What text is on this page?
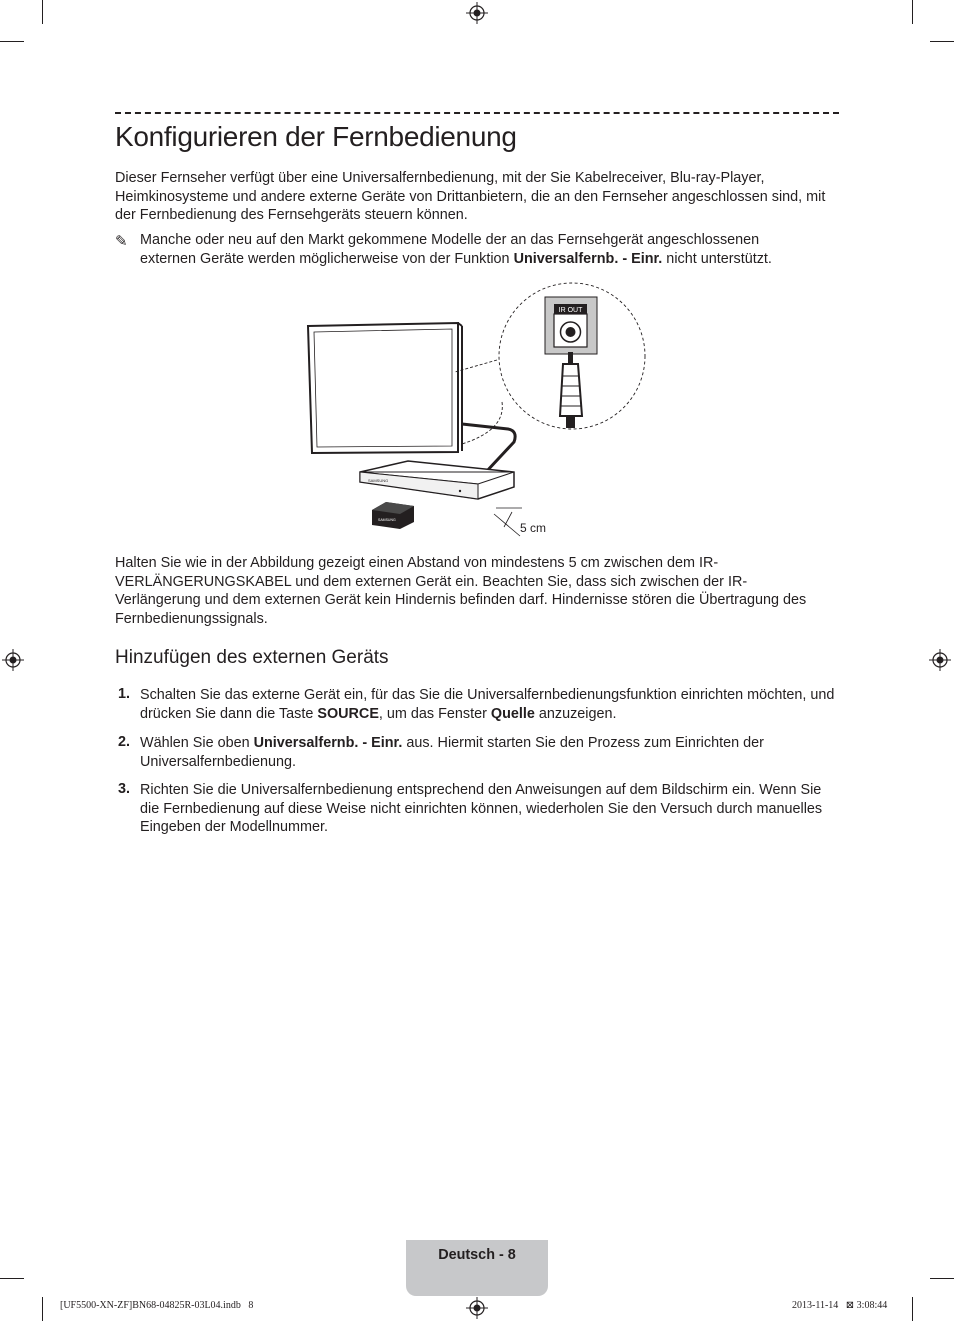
Konfigurieren der Fernbedienung

Dieser Fernseher verfügt über eine Universalfernbedienung, mit der Sie Kabelreceiver, Blu-ray-Player, Heimkinosysteme und andere externe Geräte von Drittanbietern, die an den Fernseher angeschlossen sind, mit der Fernbedienung des Fernsehgeräts steuern können.

✎ Manche oder neu auf den Markt gekommene Modelle der an das Fernsehgerät angeschlossenen
externen Geräte werden möglicherweise von der Funktion Universalfernb. - Einr. nicht unterstützt.

SAMSUNG
SAMSUNG
5 cm
IR OUT

Halten Sie wie in der Abbildung gezeigt einen Abstand von mindestens 5 cm zwischen dem IR-VERLÄNGERUNGSKABEL und dem externen Gerät ein. Beachten Sie, dass sich zwischen der IR-Verlängerung und dem externen Gerät kein Hindernis befinden darf. Hindernisse stören die Übertragung des Fernbedienungssignals.

Hinzufügen des externen Geräts
1. Schalten Sie das externe Gerät ein, für das Sie die Universalfernbedienungsfunktion einrichten möchten, und drücken Sie dann die Taste SOURCE, um das Fenster Quelle anzuzeigen.

2. Wählen Sie oben Universalfernb. - Einr. aus. Hiermit starten Sie den Prozess zum Einrichten der Universalfernbedienung.

3. Richten Sie die Universalfernbedienung entsprechend den Anweisungen auf dem Bildschirm ein. Wenn Sie die Fernbedienung auf diese Weise nicht einrichten können, wiederholen Sie den Versuch durch manuelles Eingeben der Modellnummer.

Deutsch - 8
[UF5500-XN-ZF]BN68-04825R-03L04.indb   8	2013-11-14   ⊠ 3:08:44
